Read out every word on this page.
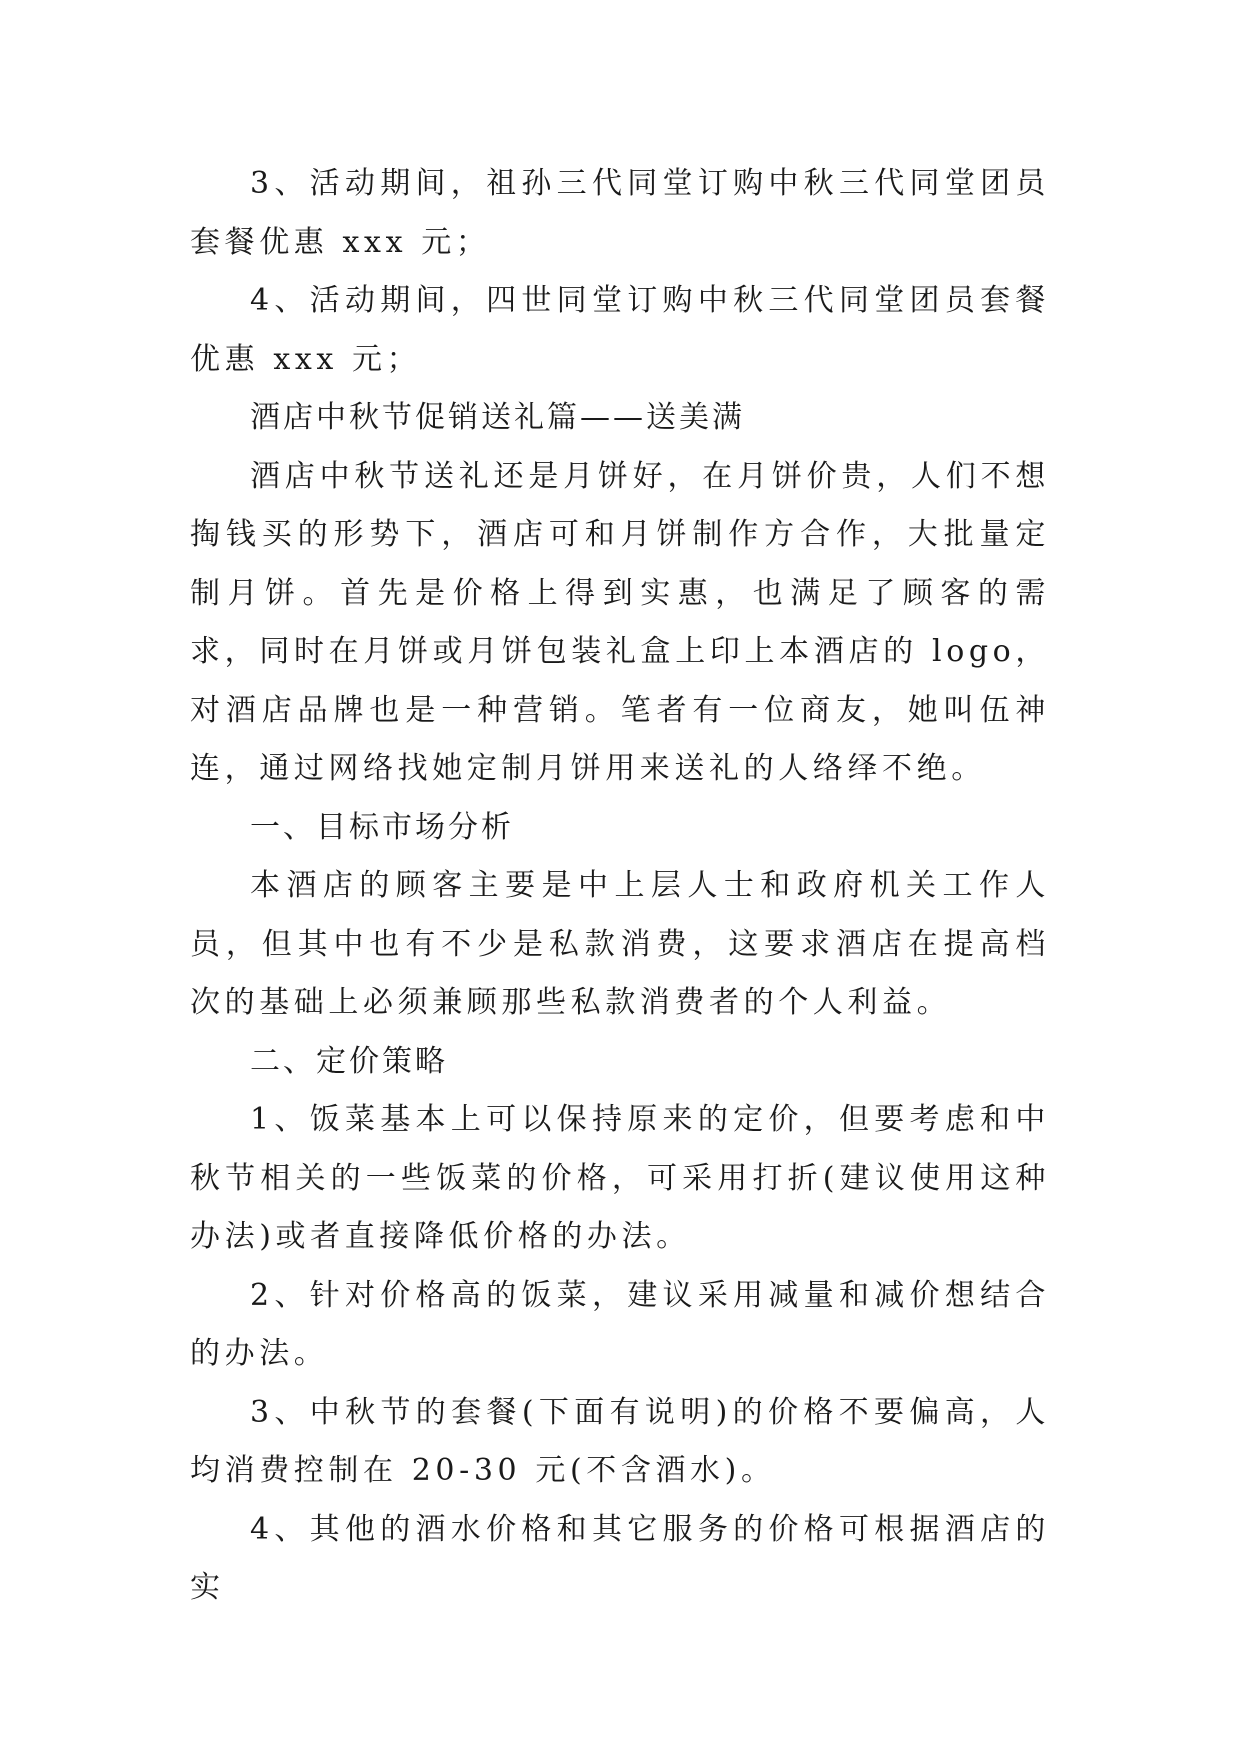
3、活动期间，祖孙三代同堂订购中秋三代同堂团员套餐优惠 xxx 元；

4、活动期间，四世同堂订购中秋三代同堂团员套餐优惠 xxx 元；

酒店中秋节促销送礼篇——送美满

酒店中秋节送礼还是月饼好，在月饼价贵，人们不想掏钱买的形势下，酒店可和月饼制作方合作，大批量定制月饼。首先是价格上得到实惠，也满足了顾客的需求，同时在月饼或月饼包装礼盒上印上本酒店的 logo，对酒店品牌也是一种营销。笔者有一位商友，她叫伍神连，通过网络找她定制月饼用来送礼的人络绎不绝。

一、目标市场分析

本酒店的顾客主要是中上层人士和政府机关工作人员，但其中也有不少是私款消费，这要求酒店在提高档次的基础上必须兼顾那些私款消费者的个人利益。

二、定价策略

1、饭菜基本上可以保持原来的定价，但要考虑和中秋节相关的一些饭菜的价格，可采用打折(建议使用这种办法)或者直接降低价格的办法。

2、针对价格高的饭菜，建议采用减量和减价想结合的办法。

3、中秋节的套餐(下面有说明)的价格不要偏高，人均消费控制在 20-30 元(不含酒水)。

4、其他的酒水价格和其它服务的价格可根据酒店的实
